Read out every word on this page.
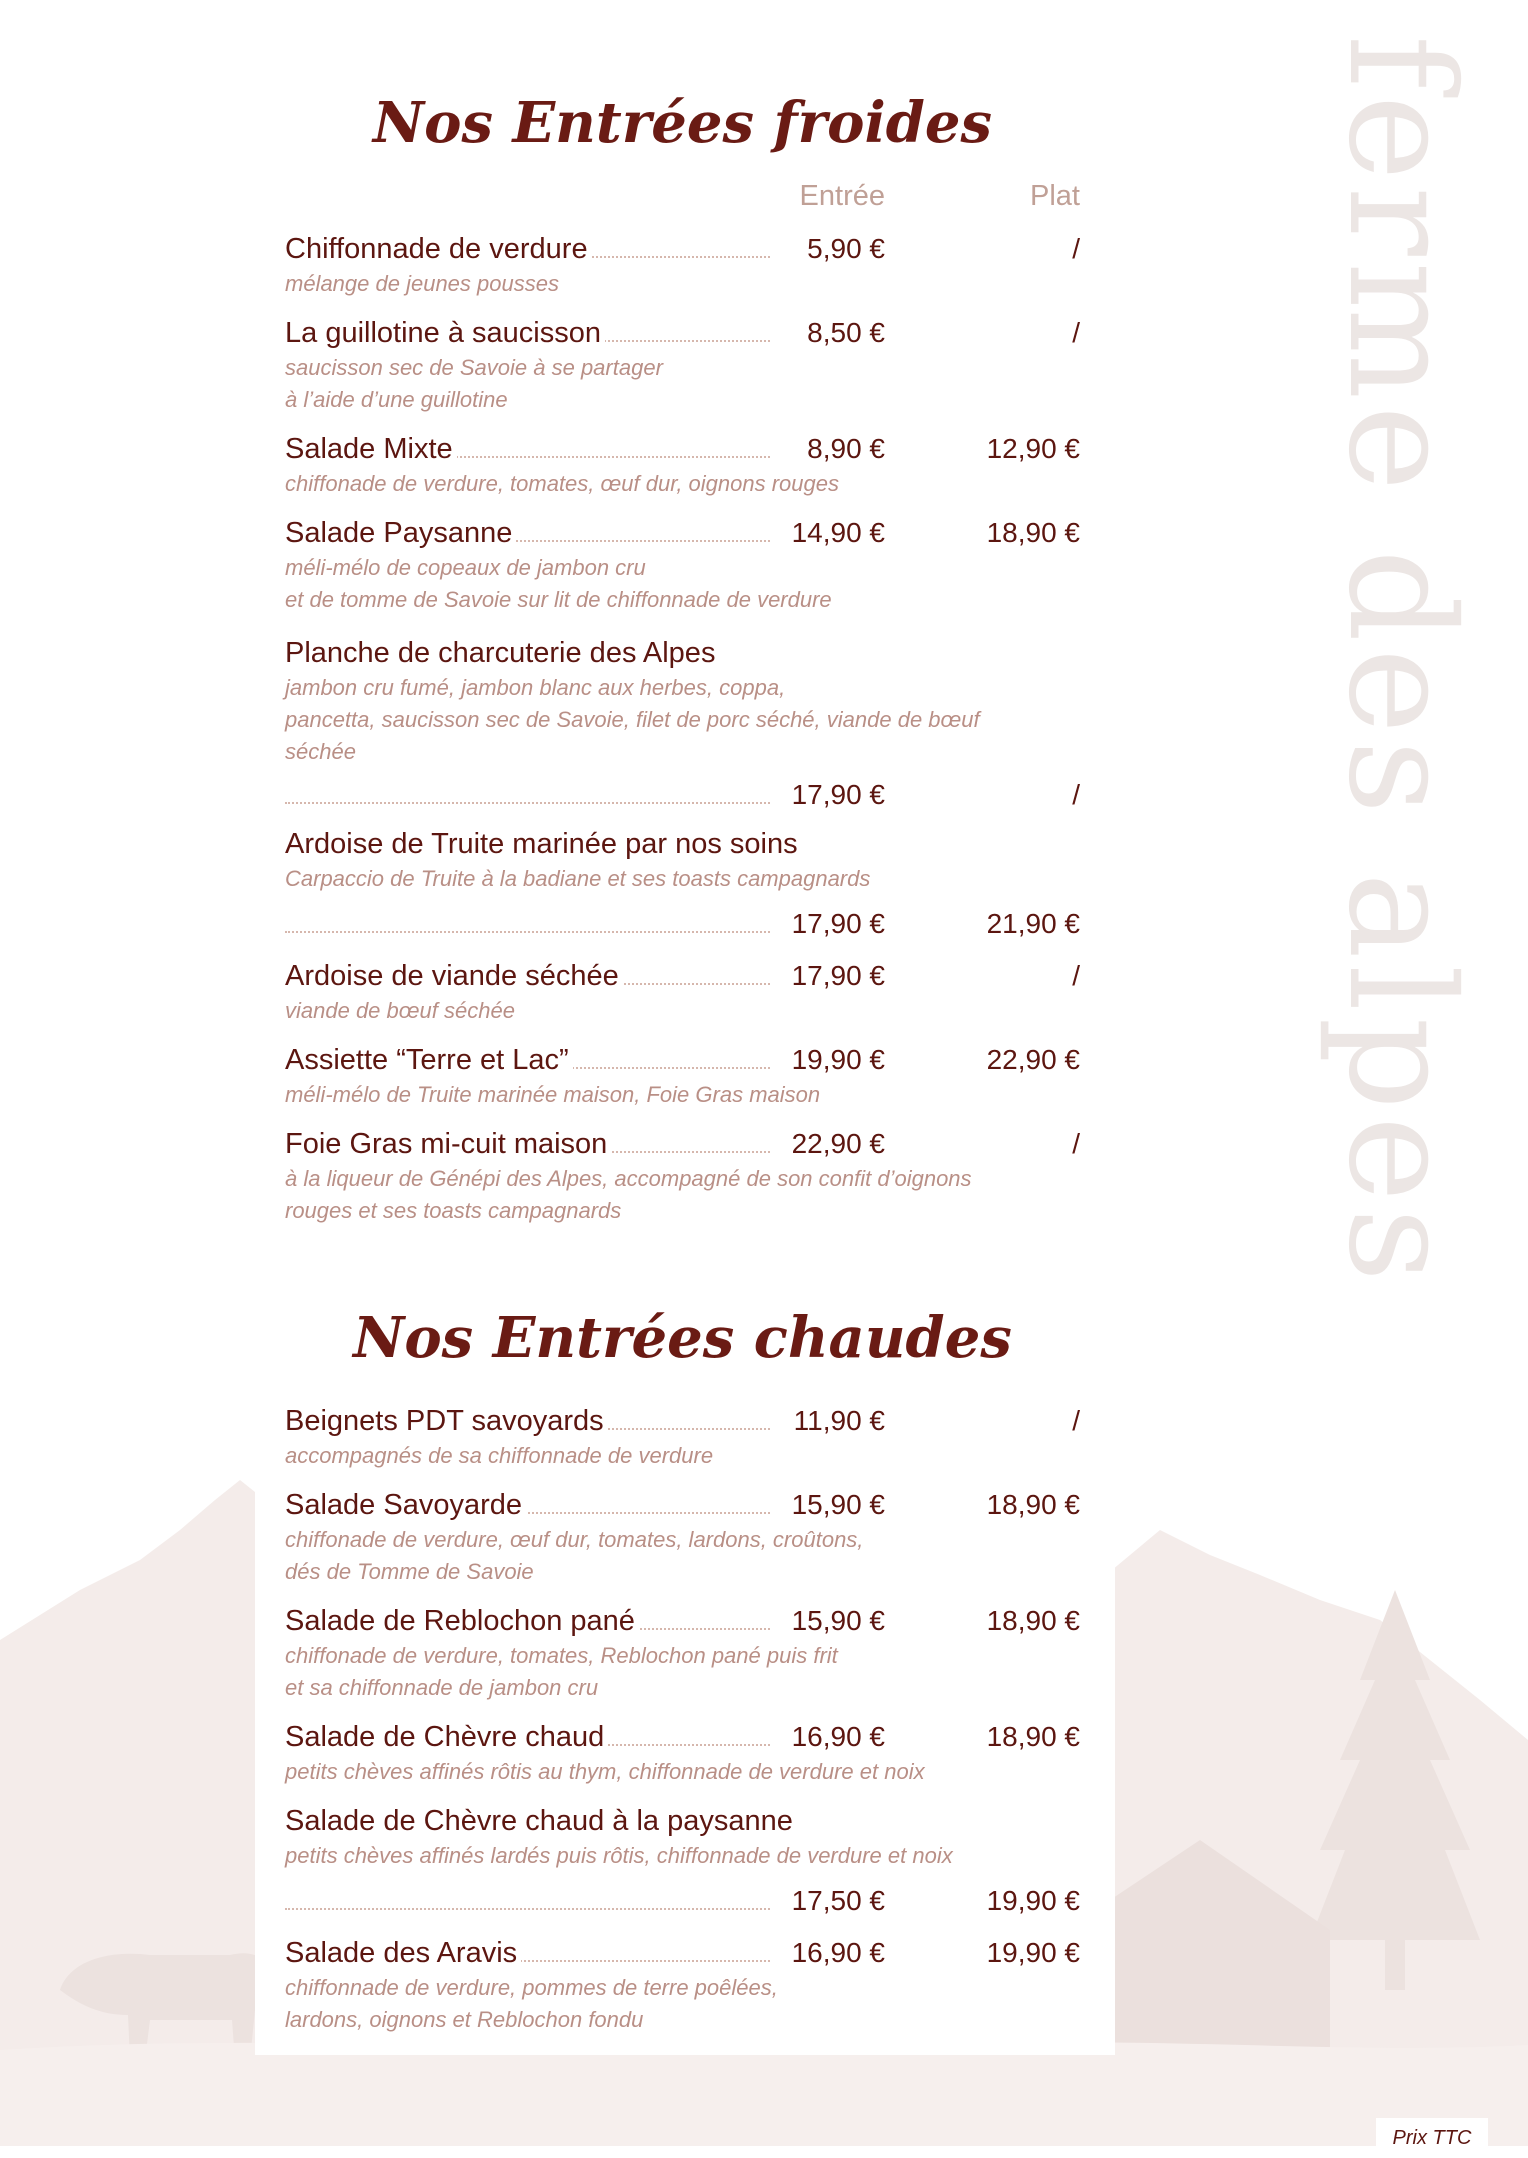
ferme des alpes
Nos Entrées froides
Entrée	Plat
Chiffonnade de verdure	5,90 €	/
mélange de jeunes pousses
La guillotine à saucisson	8,50 €	/
saucisson sec de Savoie à se partager
à l’aide d’une guillotine
Salade Mixte	8,90 €	12,90 €
chiffonade de verdure, tomates, œuf dur, oignons rouges
Salade Paysanne	14,90 €	18,90 €
méli-mélo de copeaux de jambon cru
et de tomme de Savoie sur lit de chiffonnade de verdure
Planche de charcuterie des Alpes
jambon cru fumé, jambon blanc aux herbes, coppa,
pancetta, saucisson sec de Savoie, filet de porc séché, viande de bœuf
séchée
17,90 €	/
Ardoise de Truite marinée par nos soins
Carpaccio de Truite à la badiane et ses toasts campagnards
17,90 €	21,90 €
Ardoise de viande séchée	17,90 €	/
viande de bœuf séchée
Assiette “Terre et Lac”	19,90 €	22,90 €
méli-mélo de Truite marinée maison, Foie Gras maison
Foie Gras mi-cuit maison	22,90 €	/
à la liqueur de Génépi des Alpes, accompagné de son confit d’oignons
rouges et ses toasts campagnards
Nos Entrées chaudes
Beignets PDT savoyards	11,90 €	/
accompagnés de sa chiffonnade de verdure
Salade Savoyarde	15,90 €	18,90 €
chiffonade de verdure, œuf dur, tomates, lardons, croûtons,
dés de Tomme de Savoie
Salade de Reblochon pané	15,90 €	18,90 €
chiffonade de verdure, tomates, Reblochon pané puis frit
et sa chiffonnade de jambon cru
Salade de Chèvre chaud	16,90 €	18,90 €
petits chèves affinés rôtis au thym, chiffonnade de verdure et noix
Salade de Chèvre chaud à la paysanne
petits chèves affinés lardés puis rôtis, chiffonnade de verdure et noix
17,50 €	19,90 €
Salade des Aravis	16,90 €	19,90 €
chiffonnade de verdure, pommes de terre poêlées,
lardons, oignons et Reblochon fondu
Prix TTC
